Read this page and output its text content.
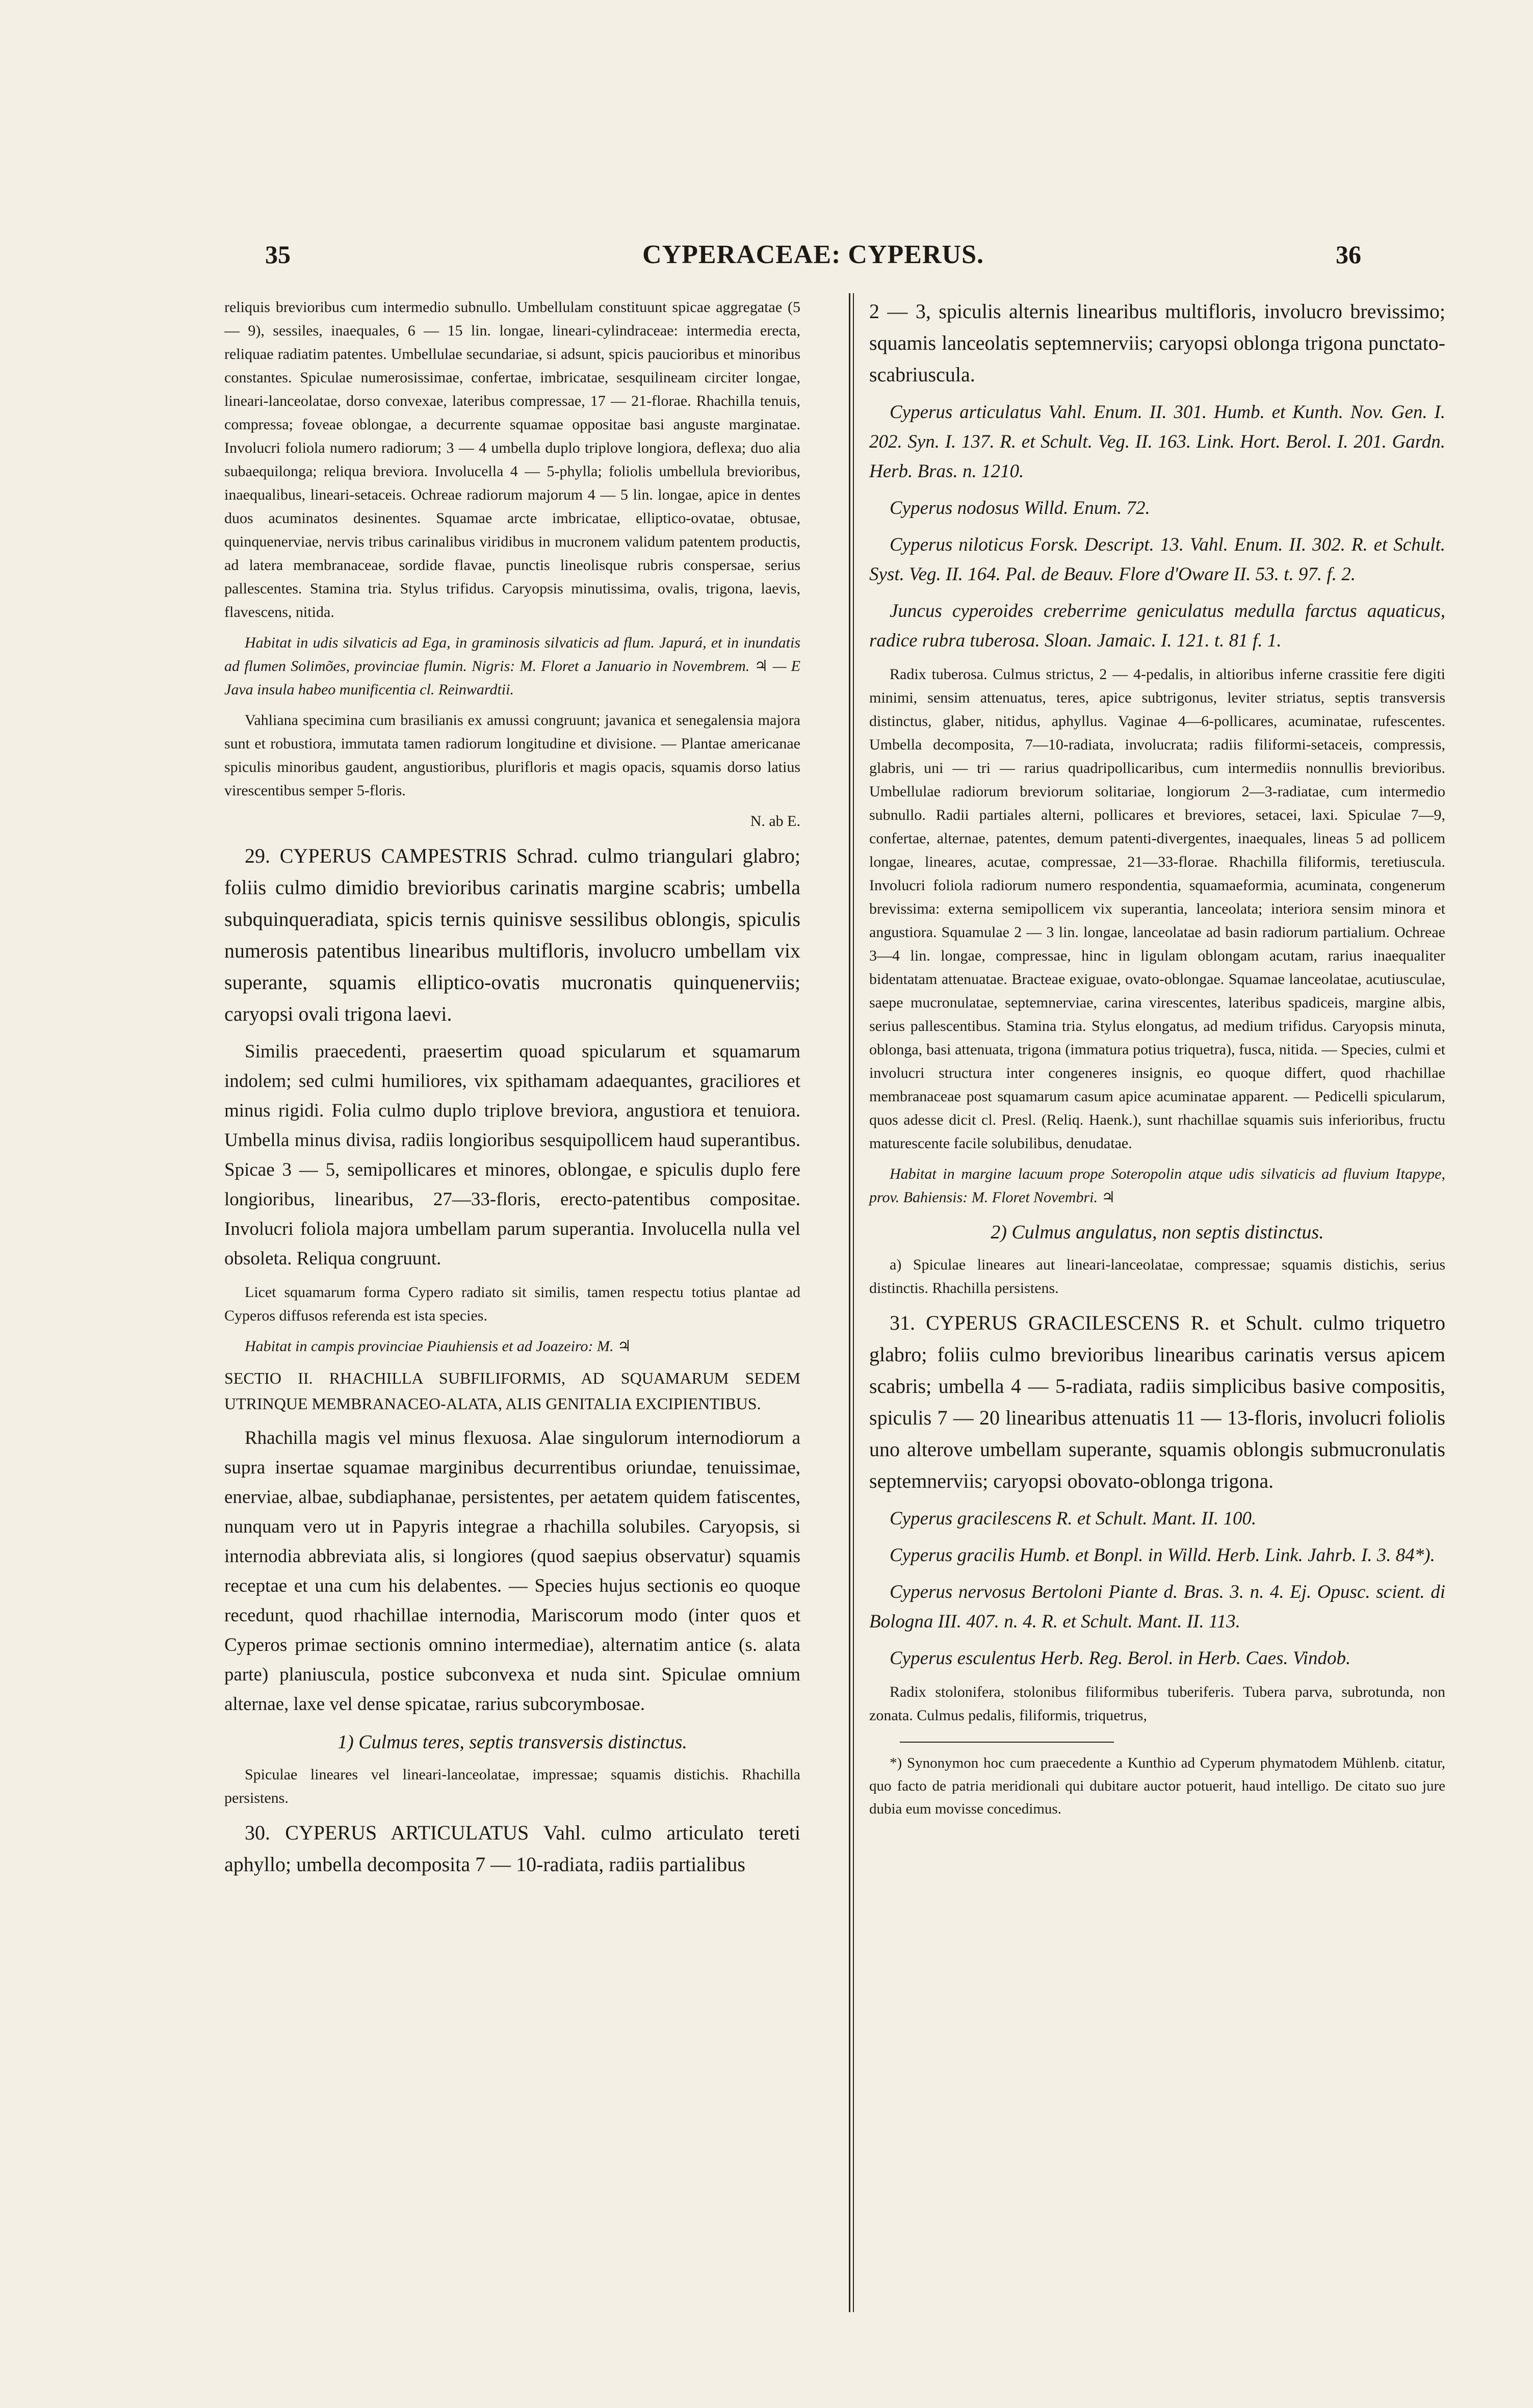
35	CYPERACEAE: CYPERUS.	36

reliquis brevioribus cum intermedio subnullo. Umbellulam constituunt spicae aggregatae (5 — 9), sessiles, inaequales, 6 — 15 lin. longae, lineari-cylindraceae: intermedia erecta, reliquae radiatim patentes. Umbellulae secundariae, si adsunt, spicis paucioribus et minoribus constantes. Spiculae numerosissimae, confertae, imbricatae, sesquilineam circiter longae, lineari-lanceolatae, dorso convexae, lateribus compressae, 17 — 21-florae. Rhachilla tenuis, compressa; foveae oblongae, a decurrente squamae oppositae basi anguste marginatae. Involucri foliola numero radiorum; 3 — 4 umbella duplo triplove longiora, deflexa; duo alia subaequilonga; reliqua breviora. Involucella 4 — 5-phylla; foliolis umbellula brevioribus, inaequalibus, lineari-setaceis. Ochreae radiorum majorum 4 — 5 lin. longae, apice in dentes duos acuminatos desinentes. Squamae arcte imbricatae, elliptico-ovatae, obtusae, quinquenerviae, nervis tribus carinalibus viridibus in mucronem validum patentem productis, ad latera membranaceae, sordide flavae, punctis lineolisque rubris conspersae, serius pallescentes. Stamina tria. Stylus trifidus. Caryopsis minutissima, ovalis, trigona, laevis, flavescens, nitida.

Habitat in udis silvaticis ad Ega, in graminosis silvaticis ad flum. Japurá, et in inundatis ad flumen Solimões, provinciae flumin. Nigris: M. Floret a Januario in Novembrem. ♃ — E Java insula habeo munificentia cl. Reinwardtii.

Vahliana specimina cum brasilianis ex amussi congruunt; javanica et senegalensia majora sunt et robustiora, immutata tamen radiorum longitudine et divisione. — Plantae americanae spiculis minoribus gaudent, angustioribus, plurifloris et magis opacis, squamis dorso latius virescentibus semper 5-floris.

N. ab E.

29. CYPERUS CAMPESTRIS Schrad. culmo triangulari glabro; foliis culmo dimidio brevioribus carinatis margine scabris; umbella subquinqueradiata, spicis ternis quinisve sessilibus oblongis, spiculis numerosis patentibus linearibus multifloris, involucro umbellam vix superante, squamis elliptico-ovatis mucronatis quinquenerviis; caryopsi ovali trigona laevi.

Similis praecedenti, praesertim quoad spicularum et squamarum indolem; sed culmi humiliores, vix spithamam adaequantes, graciliores et minus rigidi. Folia culmo duplo triplove breviora, angustiora et tenuiora. Umbella minus divisa, radiis longioribus sesquipollicem haud superantibus. Spicae 3 — 5, semipollicares et minores, oblongae, e spiculis duplo fere longioribus, linearibus, 27—33-floris, erecto-patentibus compositae. Involucri foliola majora umbellam parum superantia. Involucella nulla vel obsoleta. Reliqua congruunt.

Licet squamarum forma Cypero radiato sit similis, tamen respectu totius plantae ad Cyperos diffusos referenda est ista species.

Habitat in campis provinciae Piauhiensis et ad Joazeiro: M. ♃

SECTIO II. RHACHILLA SUBFILIFORMIS, AD SQUAMARUM SEDEM UTRINQUE MEMBRANACEO-ALATA, ALIS GENITALIA EXCIPIENTIBUS.

Rhachilla magis vel minus flexuosa. Alae singulorum internodiorum a supra insertae squamae marginibus decurrentibus oriundae, tenuissimae, enerviae, albae, subdiaphanae, persistentes, per aetatem quidem fatiscentes, nunquam vero ut in Papyris integrae a rhachilla solubiles. Caryopsis, si internodia abbreviata alis, si longiores (quod saepius observatur) squamis receptae et una cum his delabentes. — Species hujus sectionis eo quoque recedunt, quod rhachillae internodia, Mariscorum modo (inter quos et Cyperos primae sectionis omnino intermediae), alternatim antice (s. alata parte) planiuscula, postice subconvexa et nuda sint. Spiculae omnium alternae, laxe vel dense spicatae, rarius subcorymbosae.

1) Culmus teres, septis transversis distinctus.

Spiculae lineares vel lineari-lanceolatae, impressae; squamis distichis. Rhachilla persistens.

30. CYPERUS ARTICULATUS Vahl. culmo articulato tereti aphyllo; umbella decomposita 7 — 10-radiata, radiis partialibus

2 — 3, spiculis alternis linearibus multifloris, involucro brevissimo; squamis lanceolatis septemnerviis; caryopsi oblonga trigona punctato-scabriuscula.

Cyperus articulatus Vahl. Enum. II. 301. Humb. et Kunth. Nov. Gen. I. 202. Syn. I. 137. R. et Schult. Veg. II. 163. Link. Hort. Berol. I. 201. Gardn. Herb. Bras. n. 1210.

Cyperus nodosus Willd. Enum. 72.

Cyperus niloticus Forsk. Descript. 13. Vahl. Enum. II. 302. R. et Schult. Syst. Veg. II. 164. Pal. de Beauv. Flore d'Oware II. 53. t. 97. f. 2.

Juncus cyperoides creberrime geniculatus medulla farctus aquaticus, radice rubra tuberosa. Sloan. Jamaic. I. 121. t. 81 f. 1.

Radix tuberosa. Culmus strictus, 2 — 4-pedalis, in altioribus inferne crassitie fere digiti minimi, sensim attenuatus, teres, apice subtrigonus, leviter striatus, septis transversis distinctus, glaber, nitidus, aphyllus. Vaginae 4—6-pollicares, acuminatae, rufescentes. Umbella decomposita, 7—10-radiata, involucrata; radiis filiformi-setaceis, compressis, glabris, uni — tri — rarius quadripollicaribus, cum intermediis nonnullis brevioribus. Umbellulae radiorum breviorum solitariae, longiorum 2—3-radiatae, cum intermedio subnullo. Radii partiales alterni, pollicares et breviores, setacei, laxi. Spiculae 7—9, confertae, alternae, patentes, demum patenti-divergentes, inaequales, lineas 5 ad pollicem longae, lineares, acutae, compressae, 21—33-florae. Rhachilla filiformis, teretiuscula. Involucri foliola radiorum numero respondentia, squamaeformia, acuminata, congenerum brevissima: externa semipollicem vix superantia, lanceolata; interiora sensim minora et angustiora. Squamulae 2 — 3 lin. longae, lanceolatae ad basin radiorum partialium. Ochreae 3—4 lin. longae, compressae, hinc in ligulam oblongam acutam, rarius inaequaliter bidentatam attenuatae. Bracteae exiguae, ovato-oblongae. Squamae lanceolatae, acutiusculae, saepe mucronulatae, septemnerviae, carina virescentes, lateribus spadiceis, margine albis, serius pallescentibus. Stamina tria. Stylus elongatus, ad medium trifidus. Caryopsis minuta, oblonga, basi attenuata, trigona (immatura potius triquetra), fusca, nitida. — Species, culmi et involucri structura inter congeneres insignis, eo quoque differt, quod rhachillae membranaceae post squamarum casum apice acuminatae apparent. — Pedicelli spicularum, quos adesse dicit cl. Presl. (Reliq. Haenk.), sunt rhachillae squamis suis inferioribus, fructu maturescente facile solubilibus, denudatae.

Habitat in margine lacuum prope Soteropolin atque udis silvaticis ad fluvium Itapype, prov. Bahiensis: M. Floret Novembri. ♃

2) Culmus angulatus, non septis distinctus.

a) Spiculae lineares aut lineari-lanceolatae, compressae; squamis distichis, serius distinctis. Rhachilla persistens.

31. CYPERUS GRACILESCENS R. et Schult. culmo triquetro glabro; foliis culmo brevioribus linearibus carinatis versus apicem scabris; umbella 4 — 5-radiata, radiis simplicibus basive compositis, spiculis 7 — 20 linearibus attenuatis 11 — 13-floris, involucri foliolis uno alterove umbellam superante, squamis oblongis submucronulatis septemnerviis; caryopsi obovato-oblonga trigona.

Cyperus gracilescens R. et Schult. Mant. II. 100.

Cyperus gracilis Humb. et Bonpl. in Willd. Herb. Link. Jahrb. I. 3. 84*).

Cyperus nervosus Bertoloni Piante d. Bras. 3. n. 4. Ej. Opusc. scient. di Bologna III. 407. n. 4. R. et Schult. Mant. II. 113.

Cyperus esculentus Herb. Reg. Berol. in Herb. Caes. Vindob.

Radix stolonifera, stolonibus filiformibus tuberiferis. Tubera parva, subrotunda, non zonata. Culmus pedalis, filiformis, triquetrus,

*) Synonymon hoc cum praecedente a Kunthio ad Cyperum phymatodem Mühlenb. citatur, quo facto de patria meridionali qui dubitare auctor potuerit, haud intelligo. De citato suo jure dubia eum movisse concedimus.
